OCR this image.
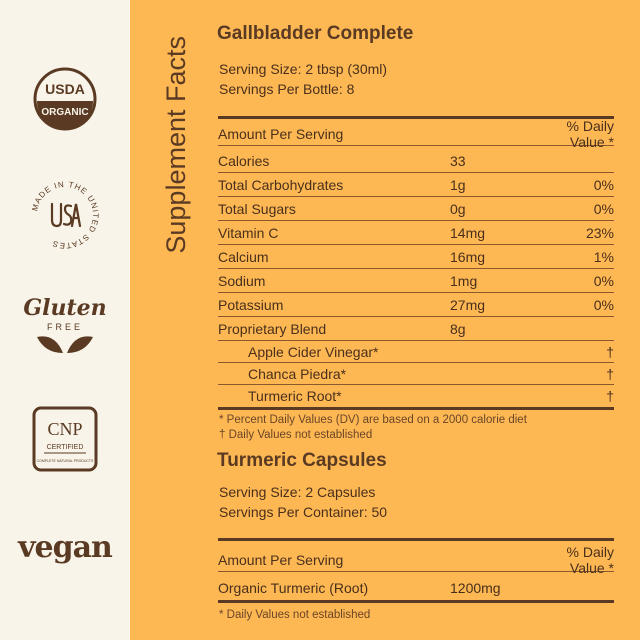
USDA
ORGANIC
MADE IN THE UNITED STATES
Gluten
FREE
CNP
CERTIFIED
COMPLETE NATURAL PRODUCTS
vegan
Supplement Facts
Gallbladder Complete
Serving Size: 2 tbsp (30ml)
Servings Per Bottle: 8
Amount Per Serving	% Daily Value *
Calories	33
Total Carbohydrates	1g	0%
Total Sugars	0g	0%
Vitamin C	14mg	23%
Calcium	16mg	1%
Sodium	1mg	0%
Potassium	27mg	0%
Proprietary Blend	8g
Apple Cider Vinegar*	†
Chanca Piedra*	†
Turmeric Root*	†
* Percent Daily Values (DV) are based on a 2000 calorie diet
† Daily Values not established
Turmeric Capsules
Serving Size: 2 Capsules
Servings Per Container: 50
Amount Per Serving	% Daily Value *
Organic Turmeric (Root)	1200mg
* Daily Values not established
